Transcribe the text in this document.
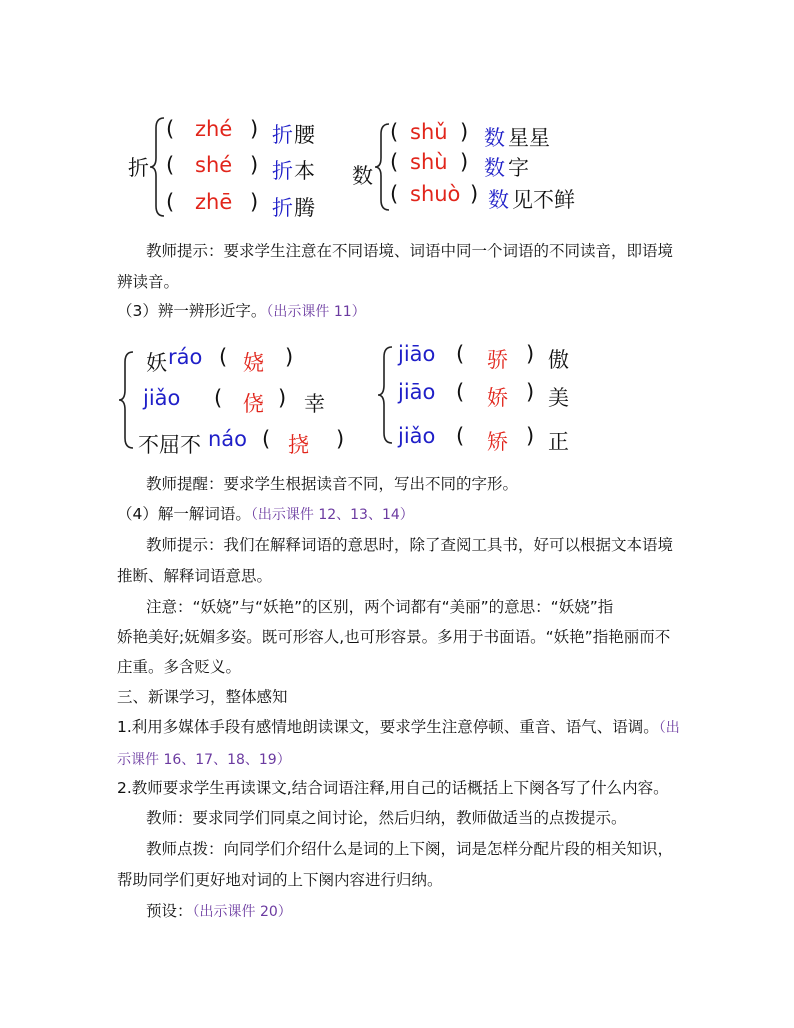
折
( zhé ) 折 腰
( shé ) 折 本
( zhē ) 折 腾
数
( shǔ ) 数 星星
( shù ) 数 字
( shuò ) 数 见不鲜
教师提示：要求学生注意在不同语境、词语中同一个词语的不同读音，即语境
辨读音。
（3）辨一辨形近字。（出示课件 11）
妖 ráo ( 娆 )
jiǎo ( 侥 ) 幸
不屈不 náo ( 挠 )
jiāo ( 骄 ) 傲
jiāo ( 娇 ) 美
jiǎo ( 矫 ) 正
教师提醒：要求学生根据读音不同，写出不同的字形。
（4）解一解词语。（出示课件 12、13、14）
教师提示：我们在解释词语的意思时，除了查阅工具书，好可以根据文本语境
推断、解释词语意思。
注意：“妖娆”与“妖艳”的区别，两个词都有“美丽”的意思：“妖娆”指
娇艳美好;妩媚多姿。既可形容人,也可形容景。多用于书面语。“妖艳”指艳丽而不
庄重。多含贬义。
三、新课学习，整体感知
1.利用多媒体手段有感情地朗读课文，要求学生注意停顿、重音、语气、语调。（出
示课件 16、17、18、19）
2.教师要求学生再读课文,结合词语注释,用自己的话概括上下阕各写了什么内容。
教师：要求同学们同桌之间讨论，然后归纳，教师做适当的点拨提示。
教师点拨：向同学们介绍什么是词的上下阕，词是怎样分配片段的相关知识，
帮助同学们更好地对词的上下阕内容进行归纳。
预设：（出示课件 20）
